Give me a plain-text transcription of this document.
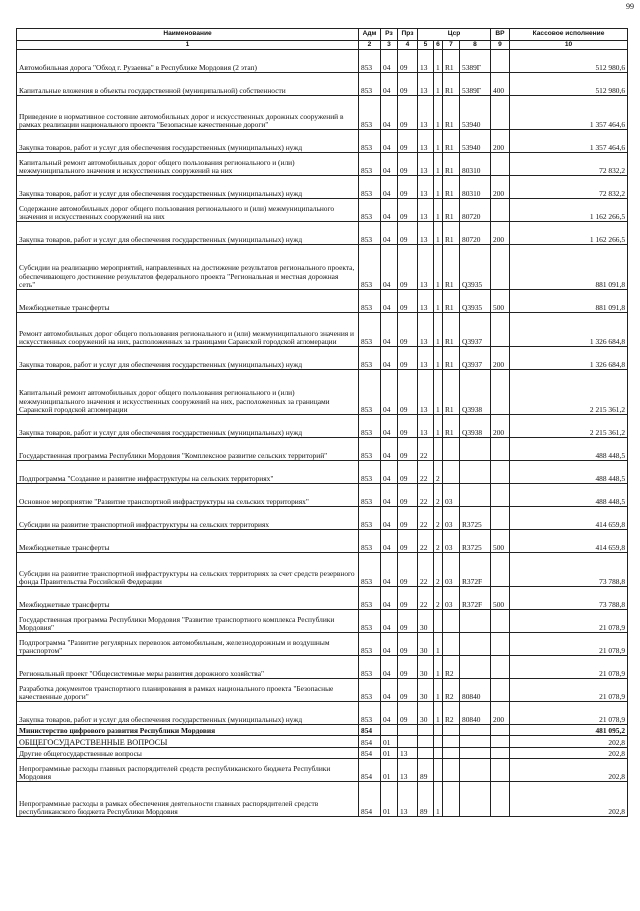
99
Наименование	Адм	Рз	Прз	Цср				ВР	Кассовое исполнение
1	2	3	4	5	6	7	8	9	10
Автомобильная дорога "Обход г. Рузаевка" в Республике Мордовия (2 этап)	853	04	09	13	1	R1	5389Г		512 980,6
Капитальные вложения в объекты государственной (муниципальной) собственности	853	04	09	13	1	R1	5389Г	400	512 980,6
Приведение в нормативное состояние автомобильных дорог и искусственных дорожных сооружений в рамках реализации национального проекта "Безопасные качественные дороги"	853	04	09	13	1	R1	53940		1 357 464,6
Закупка товаров, работ и услуг для обеспечения государственных (муниципальных) нужд	853	04	09	13	1	R1	53940	200	1 357 464,6
Капитальный ремонт автомобильных дорог общего пользования регионального и (или) межмуниципального значения и искусственных сооружений на них	853	04	09	13	1	R1	80310		72 832,2
Закупка товаров, работ и услуг для обеспечения государственных (муниципальных) нужд	853	04	09	13	1	R1	80310	200	72 832,2
Содержание автомобильных дорог общего пользования регионального и (или) межмуниципального значения и искусственных сооружений на них	853	04	09	13	1	R1	80720		1 162 266,5
Закупка товаров, работ и услуг для обеспечения государственных (муниципальных) нужд	853	04	09	13	1	R1	80720	200	1 162 266,5
Субсидии на реализацию мероприятий, направленных на достижение результатов регионального проекта, обеспечивающего достижение результатов федерального проекта "Региональная и местная дорожная сеть"	853	04	09	13	1	R1	Q3935		881 091,8
Межбюджетные трансферты	853	04	09	13	1	R1	Q3935	500	881 091,8
Ремонт автомобильных дорог общего пользования регионального и (или) межмуниципального значения и искусственных сооружений на них, расположенных за границами Саранской городской агломерации	853	04	09	13	1	R1	Q3937		1 326 684,8
Закупка товаров, работ и услуг для обеспечения государственных (муниципальных) нужд	853	04	09	13	1	R1	Q3937	200	1 326 684,8
Капитальный ремонт автомобильных дорог общего пользования регионального и (или) межмуниципального значения и искусственных сооружений на них, расположенных за границами Саранской городской агломерации	853	04	09	13	1	R1	Q3938		2 215 361,2
Закупка товаров, работ и услуг для обеспечения государственных (муниципальных) нужд	853	04	09	13	1	R1	Q3938	200	2 215 361,2
Государственная программа Республики Мордовия "Комплексное развитие сельских территорий"	853	04	09	22					488 448,5
Подпрограмма "Создание и развитие инфраструктуры на сельских территориях"	853	04	09	22	2				488 448,5
Основное мероприятие "Развитие транспортной инфраструктуры на сельских территориях"	853	04	09	22	2	03			488 448,5
Субсидии на развитие транспортной инфраструктуры на сельских территориях	853	04	09	22	2	03	R3725		414 659,8
Межбюджетные трансферты	853	04	09	22	2	03	R3725	500	414 659,8
Субсидии на развитие транспортной инфраструктуры на сельских территориях за счет средств резервного фонда Правительства Российской Федерации	853	04	09	22	2	03	R372F		73 788,8
Межбюджетные трансферты	853	04	09	22	2	03	R372F	500	73 788,8
Государственная программа Республики Мордовия "Развитие транспортного комплекса Республики Мордовия"	853	04	09	30					21 078,9
Подпрограмма "Развитие регулярных перевозок автомобильным, железнодорожным и воздушным транспортом"	853	04	09	30	1				21 078,9
Региональный проект "Общесистемные меры развития дорожного хозяйства"	853	04	09	30	1	R2			21 078,9
Разработка документов транспортного планирования в рамках национального проекта "Безопасные качественные дороги"	853	04	09	30	1	R2	80840		21 078,9
Закупка товаров, работ и услуг для обеспечения государственных (муниципальных) нужд	853	04	09	30	1	R2	80840	200	21 078,9
Министерство цифрового развития Республики Мордовия	854								481 095,2
ОБЩЕГОСУДАРСТВЕННЫЕ ВОПРОСЫ	854	01							202,8
Другие общегосударственные вопросы	854	01	13						202,8
Непрограммные расходы главных распорядителей средств республиканского бюджета Республики Мордовия	854	01	13	89					202,8
Непрограммные расходы в рамках обеспечения деятельности главных распорядителей средств республиканского бюджета Республики Мордовия	854	01	13	89	1				202,8
